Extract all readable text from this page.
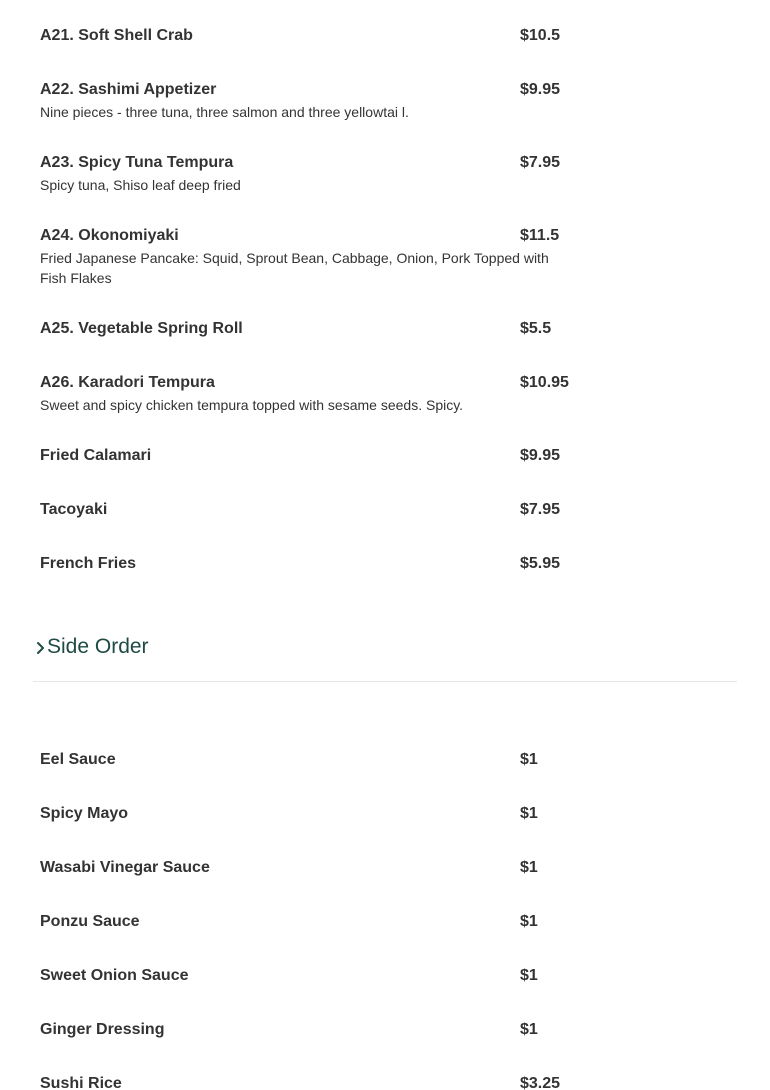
A21. Soft Shell Crab	$10.5
A22. Sashimi Appetizer	$9.95
Nine pieces - three tuna, three salmon and three yellowtai l.
A23. Spicy Tuna Tempura	$7.95
Spicy tuna, Shiso leaf deep fried
A24. Okonomiyaki	$11.5
Fried Japanese Pancake: Squid, Sprout Bean, Cabbage, Onion, Pork Topped with Fish Flakes
A25. Vegetable Spring Roll	$5.5
A26. Karadori Tempura	$10.95
Sweet and spicy chicken tempura topped with sesame seeds. Spicy.
Fried Calamari	$9.95
Tacoyaki	$7.95
French Fries	$5.95
Side Order
Eel Sauce	$1
Spicy Mayo	$1
Wasabi Vinegar Sauce	$1
Ponzu Sauce	$1
Sweet Onion Sauce	$1
Ginger Dressing	$1
Sushi Rice	$3.25
